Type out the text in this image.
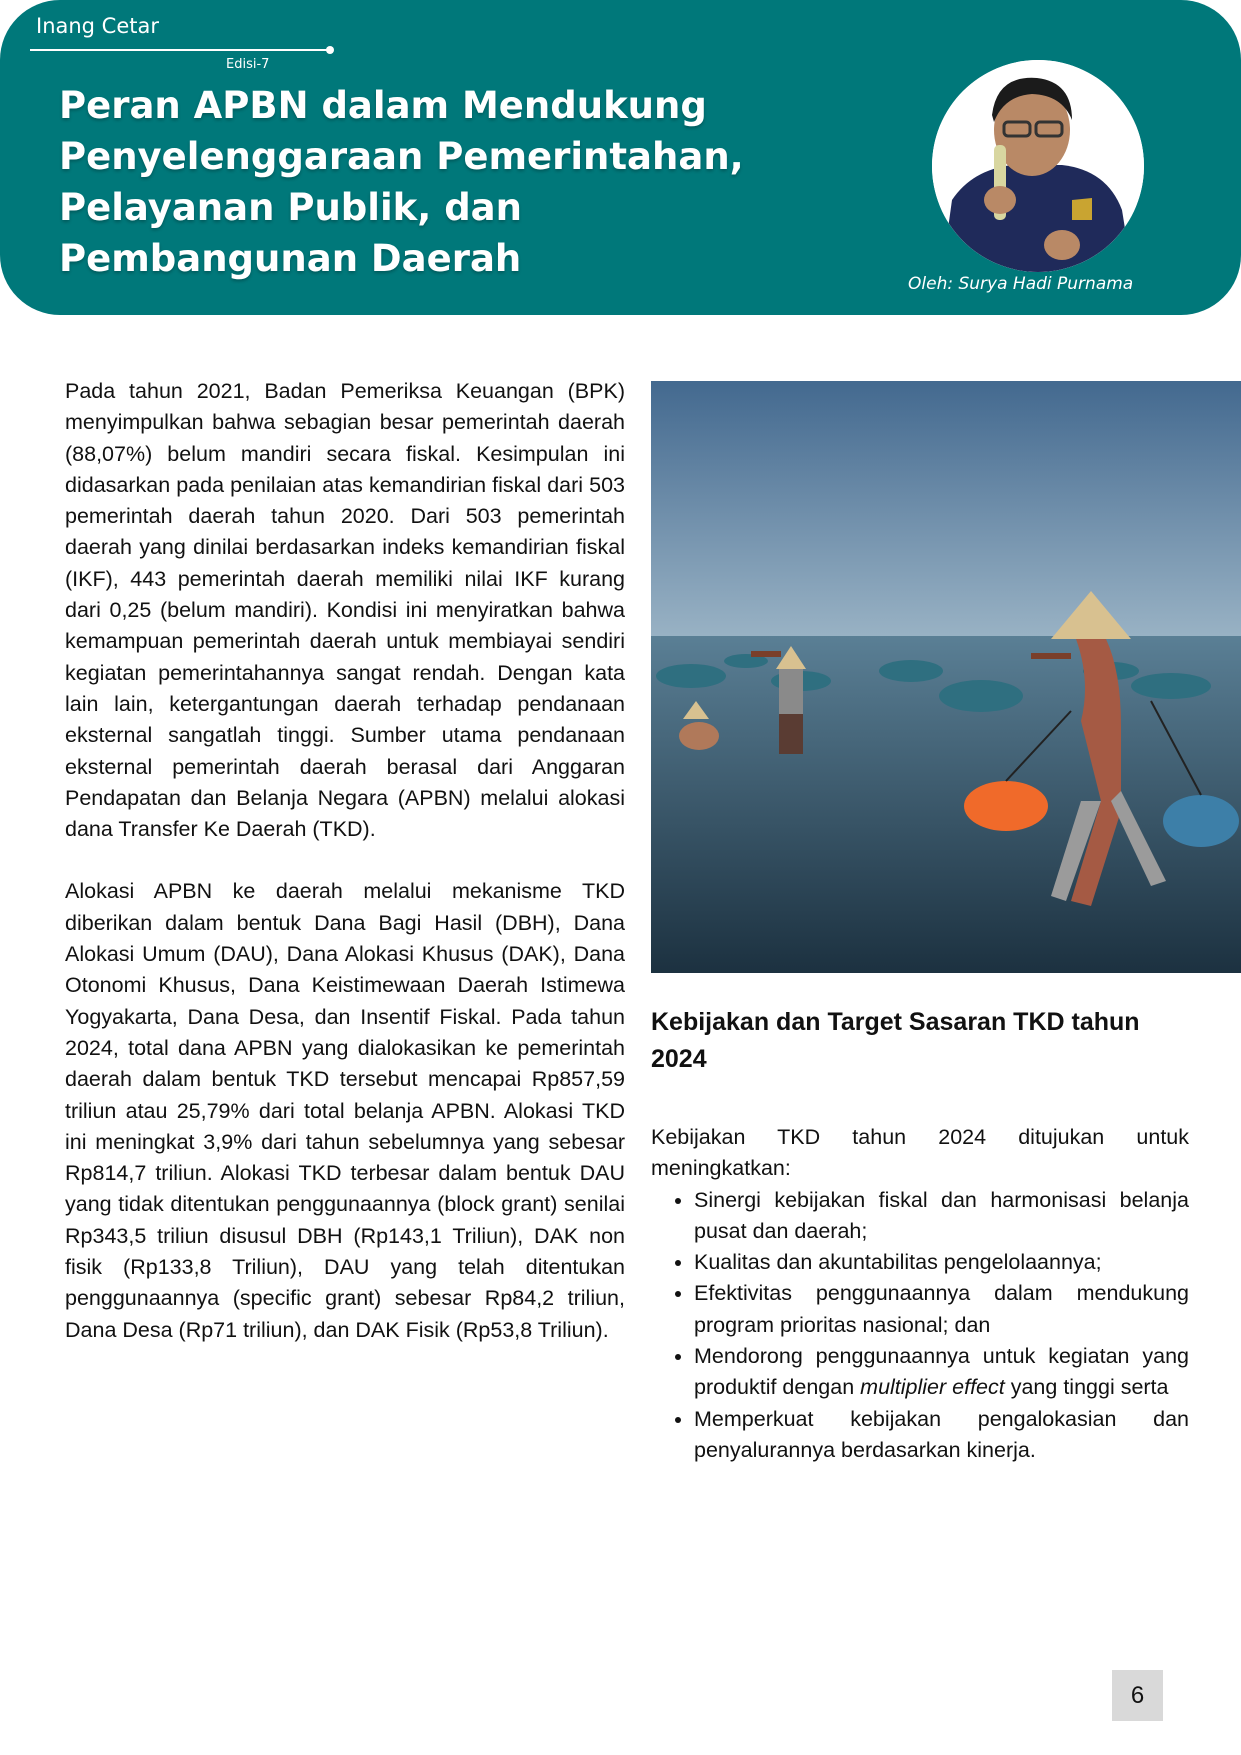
Inang Cetar
Edisi-7
Peran APBN dalam Mendukung Penyelenggaraan Pemerintahan, Pelayanan Publik, dan Pembangunan Daerah
Oleh: Surya Hadi Purnama

Pada tahun 2021, Badan Pemeriksa Keuangan (BPK) menyimpulkan bahwa sebagian besar pemerintah daerah (88,07%) belum mandiri secara fiskal. Kesimpulan ini didasarkan pada penilaian atas kemandirian fiskal dari 503 pemerintah daerah tahun 2020. Dari 503 pemerintah daerah yang dinilai berdasarkan indeks kemandirian fiskal (IKF), 443 pemerintah daerah memiliki nilai IKF kurang dari 0,25 (belum mandiri). Kondisi ini menyiratkan bahwa kemampuan pemerintah daerah untuk membiayai sendiri kegiatan pemerintahannya sangat rendah. Dengan kata lain lain, ketergantungan daerah terhadap pendanaan eksternal sangatlah tinggi. Sumber utama pendanaan eksternal pemerintah daerah berasal dari Anggaran Pendapatan dan Belanja Negara (APBN) melalui alokasi dana Transfer Ke Daerah (TKD).

Alokasi APBN ke daerah melalui mekanisme TKD diberikan dalam bentuk Dana Bagi Hasil (DBH), Dana Alokasi Umum (DAU), Dana Alokasi Khusus (DAK), Dana Otonomi Khusus, Dana Keistimewaan Daerah Istimewa Yogyakarta, Dana Desa, dan Insentif Fiskal. Pada tahun 2024, total dana APBN yang dialokasikan ke pemerintah daerah dalam bentuk TKD tersebut mencapai Rp857,59 triliun atau 25,79% dari total belanja APBN. Alokasi TKD ini meningkat 3,9% dari tahun sebelumnya yang sebesar Rp814,7 triliun. Alokasi TKD terbesar dalam bentuk DAU yang tidak ditentukan penggunaannya (block grant) senilai Rp343,5 triliun disusul DBH (Rp143,1 Triliun), DAK non fisik (Rp133,8 Triliun), DAU yang telah ditentukan penggunaannya (specific grant) sebesar Rp84,2 triliun, Dana Desa (Rp71 triliun), dan DAK Fisik (Rp53,8 Triliun).

Kebijakan dan Target Sasaran TKD tahun 2024

Kebijakan TKD tahun 2024 ditujukan untuk meningkatkan:

• Sinergi kebijakan fiskal dan harmonisasi belanja pusat dan daerah;
• Kualitas dan akuntabilitas pengelolaannya;
• Efektivitas penggunaannya dalam mendukung program prioritas nasional; dan
• Mendorong penggunaannya untuk kegiatan yang produktif dengan multiplier effect yang tinggi serta
• Memperkuat kebijakan pengalokasian dan penyalurannya berdasarkan kinerja.
6
